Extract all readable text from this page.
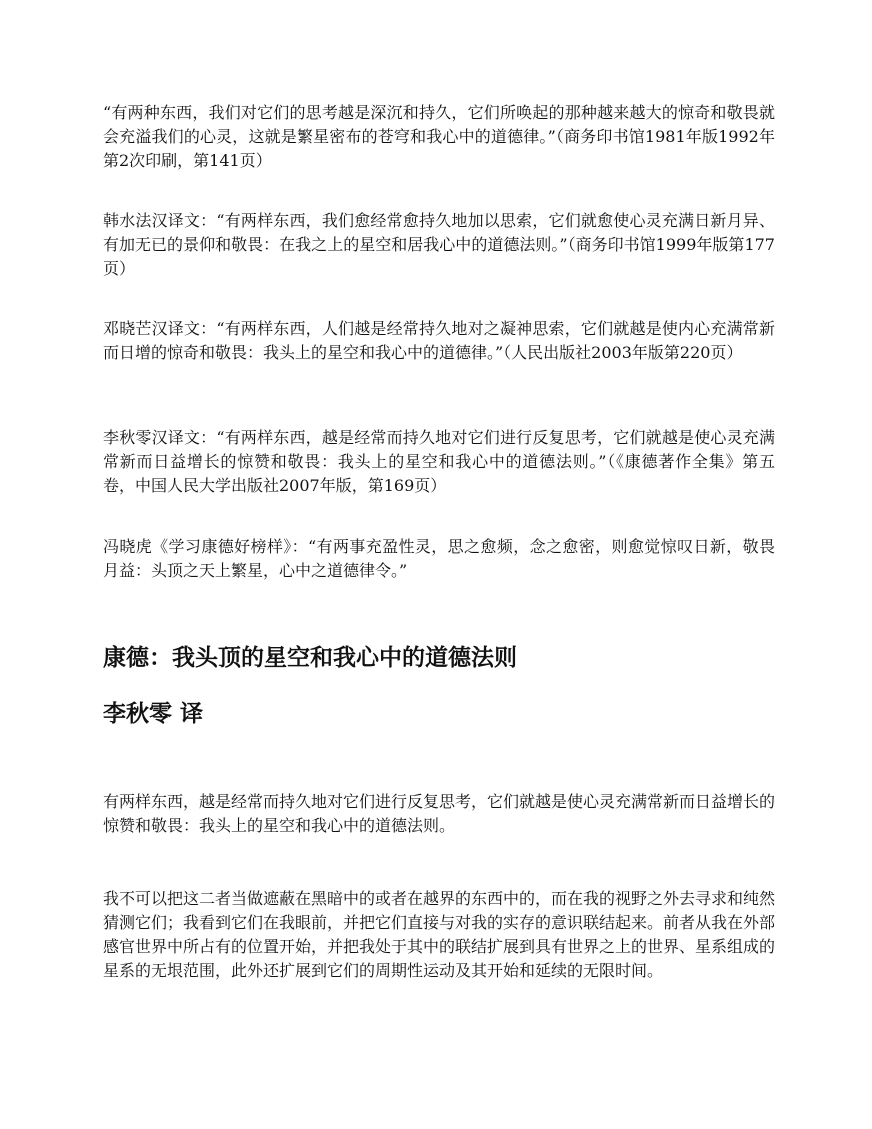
“有两种东西，我们对它们的思考越是深沉和持久，它们所唤起的那种越来越大的惊奇和敬畏就会充溢我们的心灵，这就是繁星密布的苍穹和我心中的道德律。”（商务印书馆1981年版1992年第2次印刷，第141页）

韩水法汉译文：“有两样东西，我们愈经常愈持久地加以思索，它们就愈使心灵充满日新月异、有加无已的景仰和敬畏：在我之上的星空和居我心中的道德法则。”（商务印书馆1999年版第177页）

邓晓芒汉译文：“有两样东西，人们越是经常持久地对之凝神思索，它们就越是使内心充满常新而日增的惊奇和敬畏：我头上的星空和我心中的道德律。”（人民出版社2003年版第220页）

李秋零汉译文：“有两样东西，越是经常而持久地对它们进行反复思考，它们就越是使心灵充满常新而日益增长的惊赞和敬畏：我头上的星空和我心中的道德法则。”（《康德著作全集》第五卷，中国人民大学出版社2007年版，第169页）

冯晓虎《学习康德好榜样》：“有两事充盈性灵，思之愈频，念之愈密，则愈觉惊叹日新，敬畏月益：头顶之天上繁星，心中之道德律令。”

康德：我头顶的星空和我心中的道德法则
李秋零 译

有两样东西，越是经常而持久地对它们进行反复思考，它们就越是使心灵充满常新而日益增长的惊赞和敬畏：我头上的星空和我心中的道德法则。

我不可以把这二者当做遮蔽在黑暗中的或者在越界的东西中的，而在我的视野之外去寻求和纯然猜测它们；我看到它们在我眼前，并把它们直接与对我的实存的意识联结起来。前者从我在外部感官世界中所占有的位置开始，并把我处于其中的联结扩展到具有世界之上的世界、星系组成的星系的无垠范围，此外还扩展到它们的周期性运动及其开始和延续的无限时间。
